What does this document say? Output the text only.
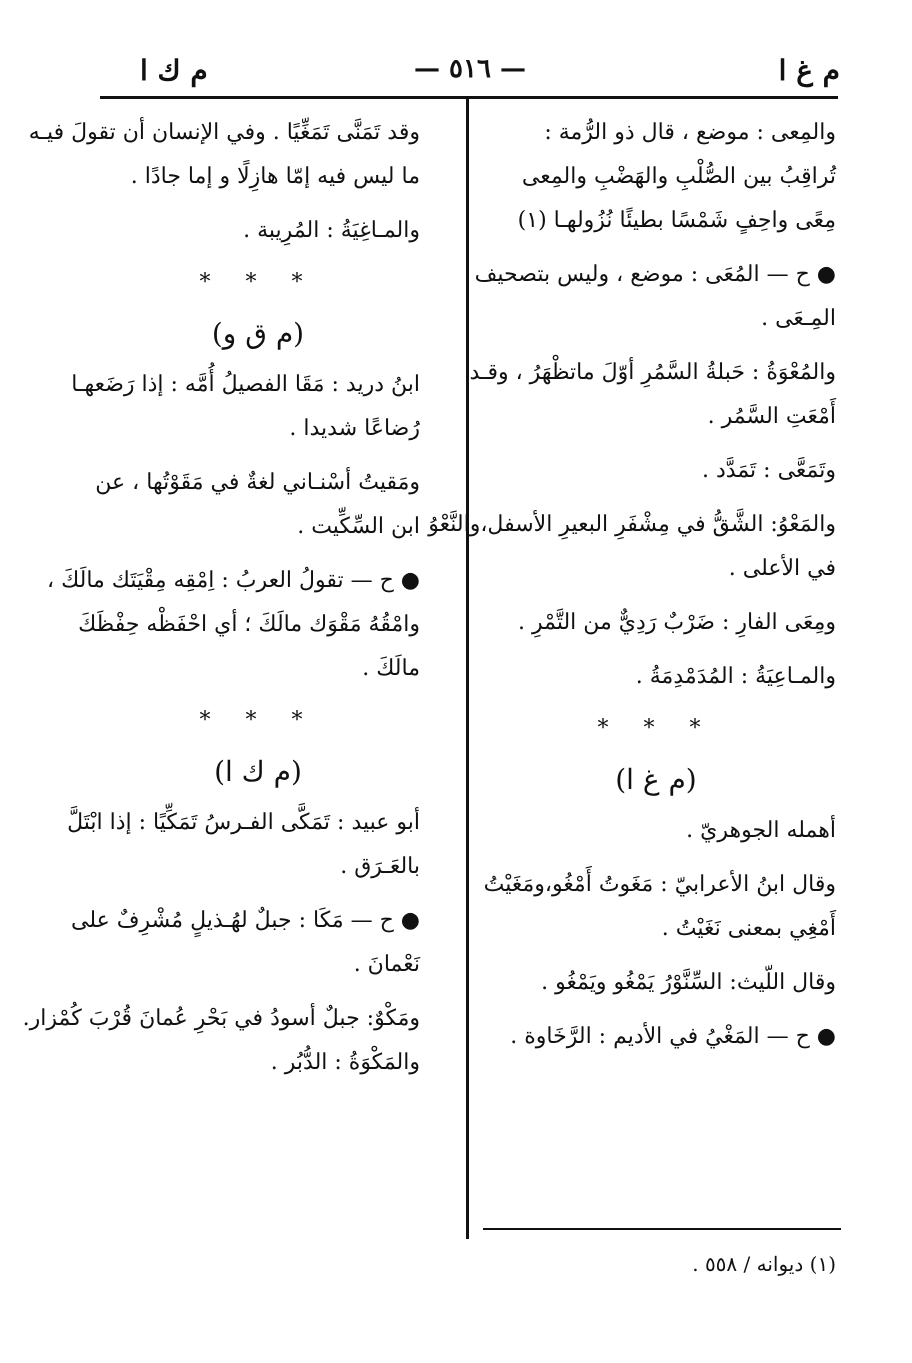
م غ ا
— ٥١٦ —
م ك ا

والمِعى : موضع ، قال ذو الرُّمة :

تُراقِبُ بين الصُّلْبِ والهَضْبِ والمِعى

مِعًى واحِفٍ شَمْسًا بطيئًا نُزُولهـا (١)

● ح — المُعَى : موضع ، وليس بتصحيف

المِـعَى .

والمُعْوَةُ : حَبلةُ السَّمُرِ أوّلَ ماتظْهَرُ ، وقـد

أَمْعَتِ السَّمُر .

وتَمَعَّى : تَمَدَّد .

والمَعْوُ: الشَّقُّ في مِشْفَرِ البعيرِ الأسفل،والنَّعْوُ

في الأعلى .

ومِعَى الفارِ : ضَرْبٌ رَدِيٌّ من التَّمْرِ .

والمـاعِيَةُ : المُدَمْدِمَةُ .

* * *
(م غ ا)

أهمله الجوهريّ .

وقال ابنُ الأعرابيّ : مَغَوتُ أَمْغُو،ومَغَيْتُ

أَمْغِي بمعنى نَغَيْتُ .

وقال اللّيث: السِّنَّوْرُ يَمْغُو ويَمْغُو .

● ح — المَغْيُ في الأديم : الرَّخَاوة .

وقد تَمَنَّى تَمَغِّيًا . وفي الإنسان أن تقولَ فيـه

ما ليس فيه إمّا هازِلًا و إما جادًا .

والمـاغِيَةُ : المُرِيبة .

* * *
(م ق و)

ابنُ دريد : مَقَا الفصيلُ أُمَّه : إذا رَضَعهـا

رُضاعًا شديدا .

ومَقيتُ أسْنـاني لغةٌ في مَقَوْتُها ، عن

ابن السِّكِّيت .

● ح — تقولُ العربُ : اِمْقِه مِقْيَتَك مالَكَ ،

وامْقُهُ مَقْوَك مالَكَ ؛ أي احْفَظْه حِفْظَكَ

مالَكَ .

* * *
(م ك ا)

أبو عبيد : تَمَكَّى الفـرسُ تَمَكِّيًا : إذا ابْتَلَّ

بالعَـرَق .

● ح — مَكَا : جبلٌ لهُـذيلٍ مُشْرِفٌ على

نَعْمانَ .

ومَكْوٌ: جبلٌ أسودُ في بَحْرِ عُمانَ قُرْبَ كُمْزار.

والمَكْوَةُ : الدُّبُر .

(١) ديوانه / ٥٥٨ .
